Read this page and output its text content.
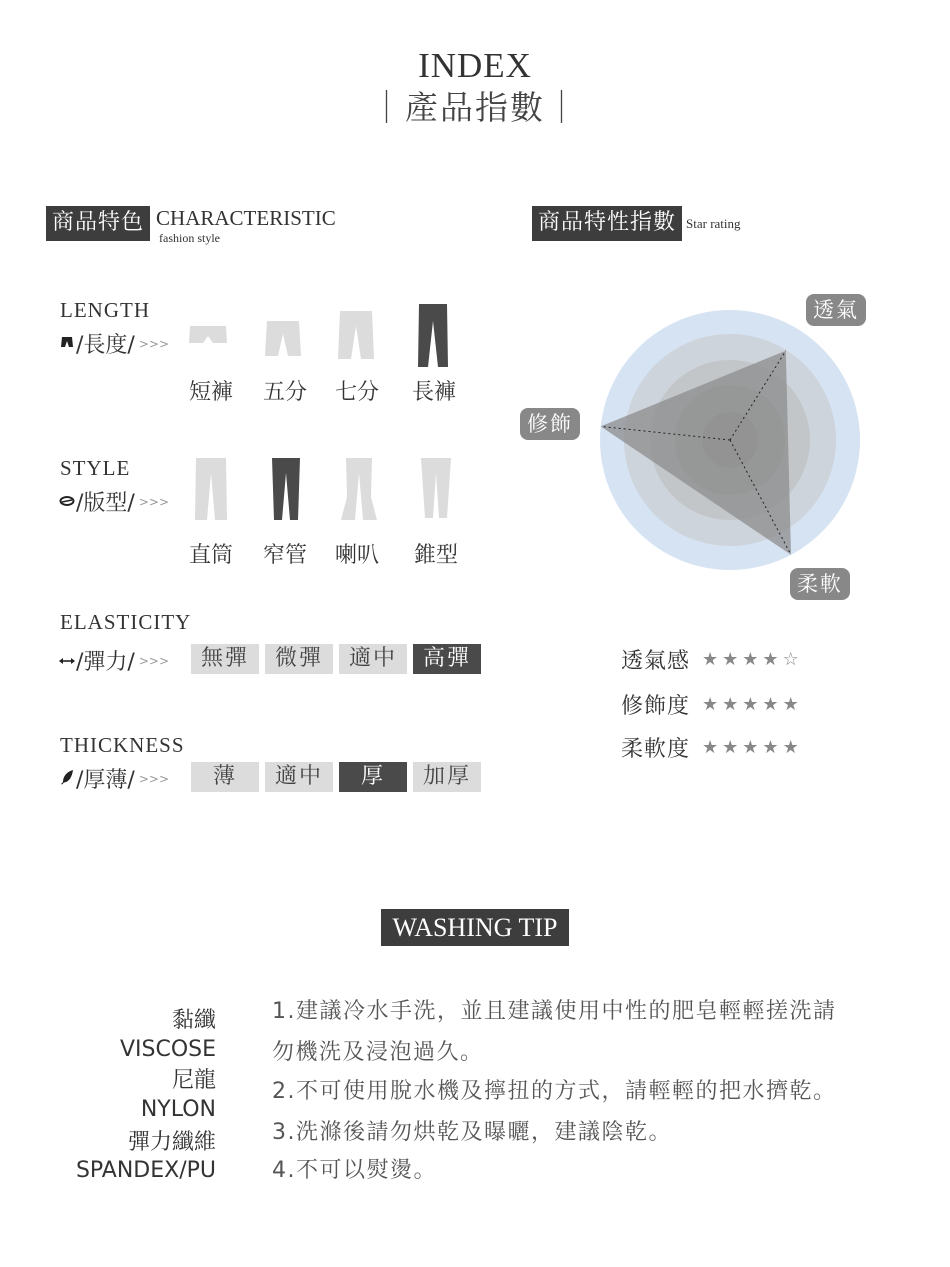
INDEX
｜產品指數｜
商品特色 CHARACTERISTIC
fashion style
商品特性指數 Star rating
LENGTH
/長度/ >>>
短褲	五分	七分	長褲
STYLE
/版型/ >>>
直筒	窄管	喇叭	錐型
ELASTICITY
/彈力/ >>>	無彈	微彈	適中	高彈
THICKNESS
/厚薄/ >>>	薄	適中	厚	加厚
透氣
修飾
柔軟
透氣感 ★★★★☆
修飾度 ★★★★★
柔軟度 ★★★★★
WASHING TIP
黏纖
VISCOSE
尼龍
NYLON
彈力纖維
SPANDEX/PU
1.建議冷水手洗，並且建議使用中性的肥皂輕輕搓洗請
勿機洗及浸泡過久。
2.不可使用脫水機及擰扭的方式，請輕輕的把水擠乾。
3.洗滌後請勿烘乾及曝曬，建議陰乾。
4.不可以熨燙。
